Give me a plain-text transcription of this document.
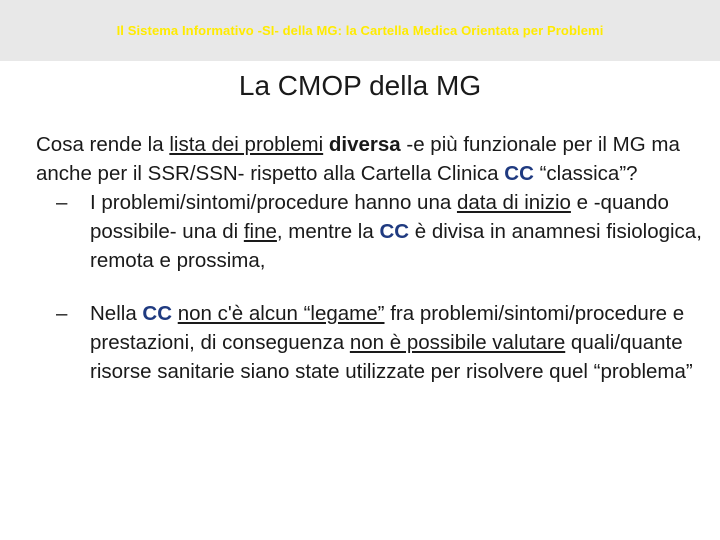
Il Sistema Informativo -SI- della MG: la Cartella Medica Orientata per Problemi
La CMOP della MG

Cosa rende la lista dei problemi diversa -e più funzionale per il MG ma anche per il SSR/SSN- rispetto alla Cartella Clinica CC “classica”?

– I problemi/sintomi/procedure hanno una data di inizio e -quando possibile- una di fine, mentre la CC è divisa in anamnesi fisiologica, remota e prossima,

– Nella CC non c'è alcun “legame” fra problemi/sintomi/procedure e prestazioni, di conseguenza non è possibile valutare quali/quante risorse sanitarie siano state utilizzate per risolvere quel “problema”
